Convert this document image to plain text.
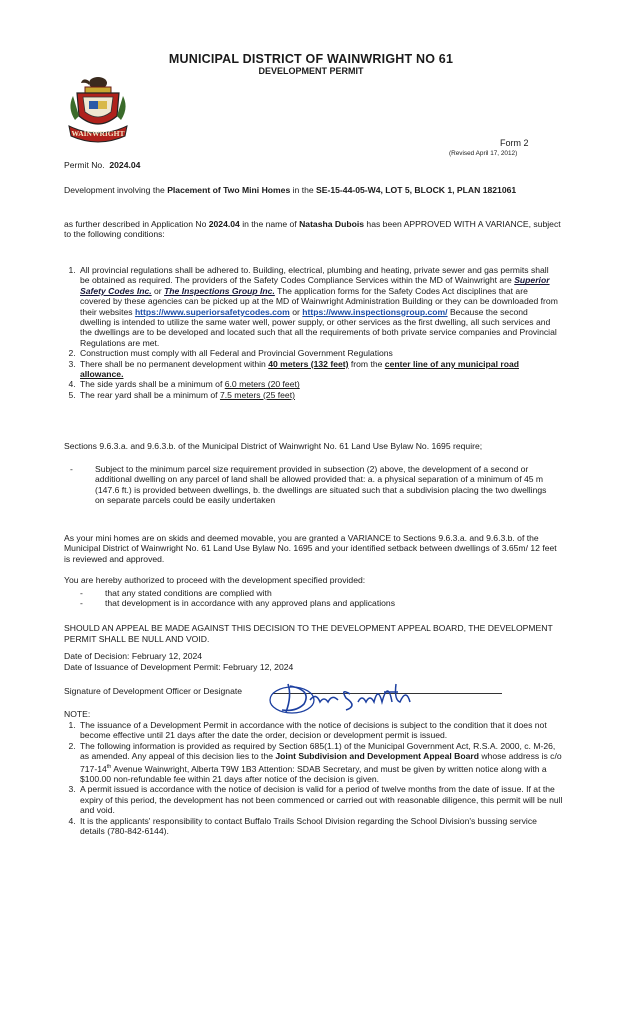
MUNICIPAL DISTRICT OF WAINWRIGHT NO 61
DEVELOPMENT PERMIT
WAINWRIGHT
Form 2
(Revised April 17, 2012)
Permit No. 2024.04
Development involving the Placement of Two Mini Homes in the SE-15-44-05-W4, LOT 5, BLOCK 1, PLAN 1821061
as further described in Application No 2024.04 in the name of Natasha Dubois has been APPROVED WITH A VARIANCE, subject to the following conditions:
1. All provincial regulations shall be adhered to. Building, electrical, plumbing and heating, private sewer and gas permits shall be obtained as required. The providers of the Safety Codes Compliance Services within the MD of Wainwright are Superior Safety Codes Inc. or The Inspections Group Inc. The application forms for the Safety Codes Act disciplines that are covered by these agencies can be picked up at the MD of Wainwright Administration Building or they can be downloaded from their websites https://www.superiorsafetycodes.com or https://www.inspectionsgroup.com/ Because the second dwelling is intended to utilize the same water well, power supply, or other services as the first dwelling, all such services and the dwellings are to be developed and located such that all the requirements of both private service companies and Provincial Regulations are met.
2. Construction must comply with all Federal and Provincial Government Regulations
3. There shall be no permanent development within 40 meters (132 feet) from the center line of any municipal road allowance.
4. The side yards shall be a minimum of 6.0 meters (20 feet)
5. The rear yard shall be a minimum of 7.5 meters (25 feet)
Sections 9.6.3.a. and 9.6.3.b. of the Municipal District of Wainwright No. 61 Land Use Bylaw No. 1695 require;
-	Subject to the minimum parcel size requirement provided in subsection (2) above, the development of a second or additional dwelling on any parcel of land shall be allowed provided that: a. a physical separation of a minimum of 45 m (147.6 ft.) is provided between dwellings, b. the dwellings are situated such that a subdivision placing the two dwellings on separate parcels could be easily undertaken
As your mini homes are on skids and deemed movable, you are granted a VARIANCE to Sections 9.6.3.a. and 9.6.3.b. of the Municipal District of Wainwright No. 61 Land Use Bylaw No. 1695 and your identified setback between dwellings of 3.65m/ 12 feet is reviewed and approved.
You are hereby authorized to proceed with the development specified provided:
- that any stated conditions are complied with
- that development is in accordance with any approved plans and applications
SHOULD AN APPEAL BE MADE AGAINST THIS DECISION TO THE DEVELOPMENT APPEAL BOARD, THE DEVELOPMENT PERMIT SHALL BE NULL AND VOID.
Date of Decision: February 12, 2024
Date of Issuance of Development Permit: February 12, 2024
Signature of Development Officer or Designate
NOTE:
1. The issuance of a Development Permit in accordance with the notice of decisions is subject to the condition that it does not become effective until 21 days after the date the order, decision or development permit is issued.
2. The following information is provided as required by Section 685(1.1) of the Municipal Government Act, R.S.A. 2000, c. M-26, as amended. Any appeal of this decision lies to the Joint Subdivision and Development Appeal Board whose address is c/o 717-14th Avenue Wainwright, Alberta T9W 1B3 Attention: SDAB Secretary, and must be given by written notice along with a $100.00 non-refundable fee within 21 days after notice of the decision is given.
3. A permit issued is accordance with the notice of decision is valid for a period of twelve months from the date of issue. If at the expiry of this period, the development has not been commenced or carried out with reasonable diligence, this permit will be null and void.
4. It is the applicants' responsibility to contact Buffalo Trails School Division regarding the School Division's bussing service details (780-842-6144).
